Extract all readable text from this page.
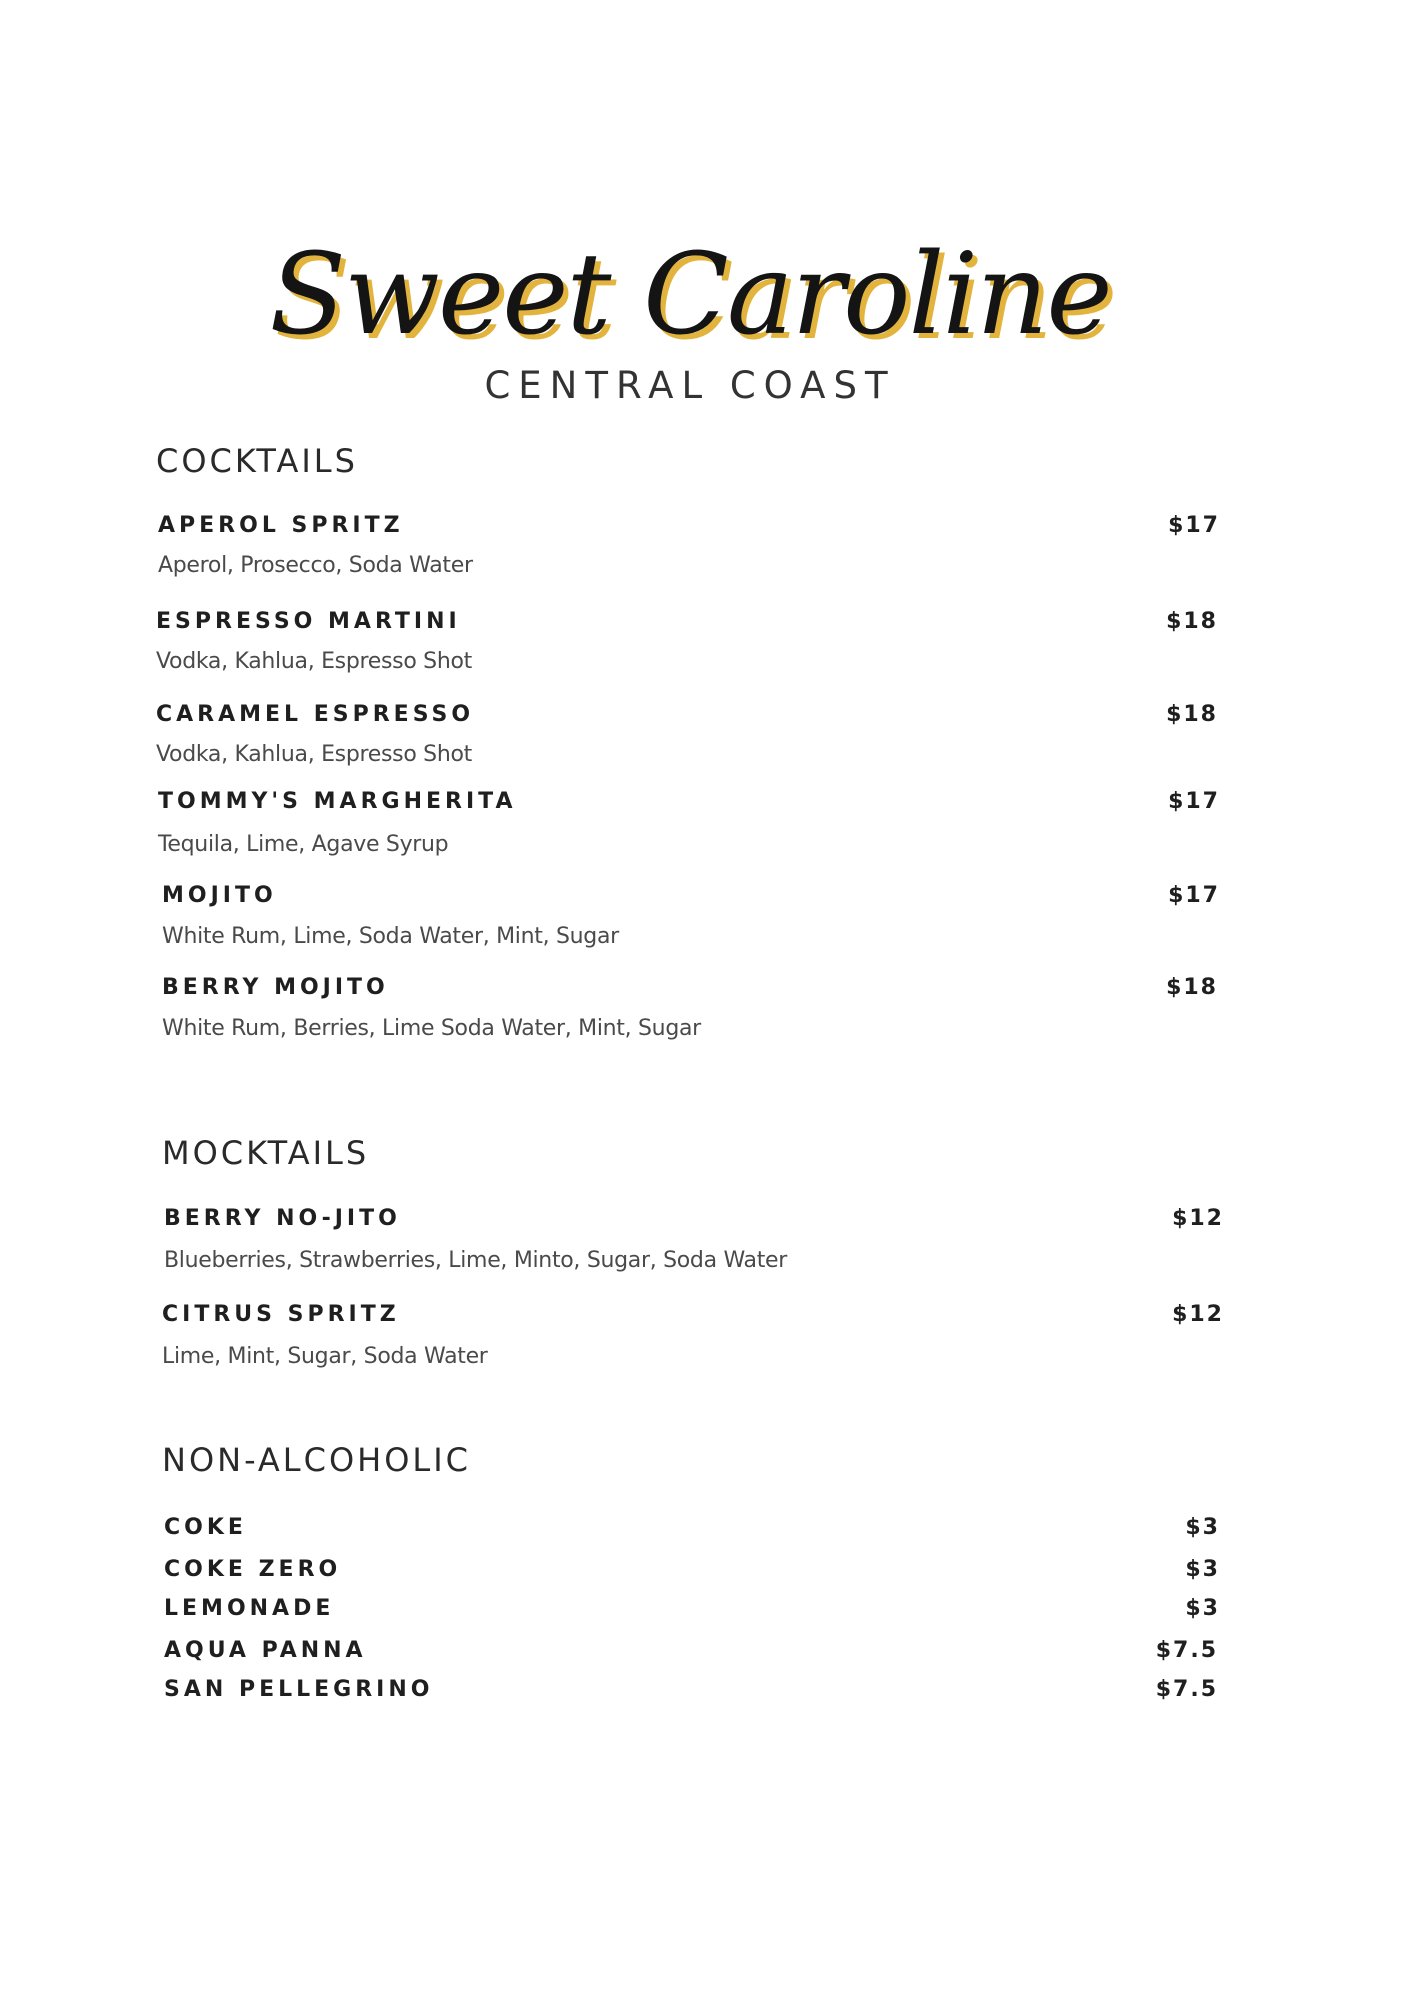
Sweet Caroline
CENTRAL COAST
COCKTAILS
APEROL SPRITZ	$17
Aperol, Prosecco, Soda Water
ESPRESSO MARTINI	$18
Vodka, Kahlua, Espresso Shot
CARAMEL ESPRESSO	$18
Vodka, Kahlua, Espresso Shot
TOMMY'S MARGHERITA	$17
Tequila, Lime, Agave Syrup
MOJITO	$17
White Rum, Lime, Soda Water, Mint, Sugar
BERRY MOJITO	$18
White Rum, Berries, Lime Soda Water, Mint, Sugar
MOCKTAILS
BERRY NO-JITO	$12
Blueberries, Strawberries, Lime, Minto, Sugar, Soda Water
CITRUS SPRITZ	$12
Lime, Mint, Sugar, Soda Water
NON-ALCOHOLIC
COKE	$3
COKE ZERO	$3
LEMONADE	$3
AQUA PANNA	$7.5
SAN PELLEGRINO	$7.5
